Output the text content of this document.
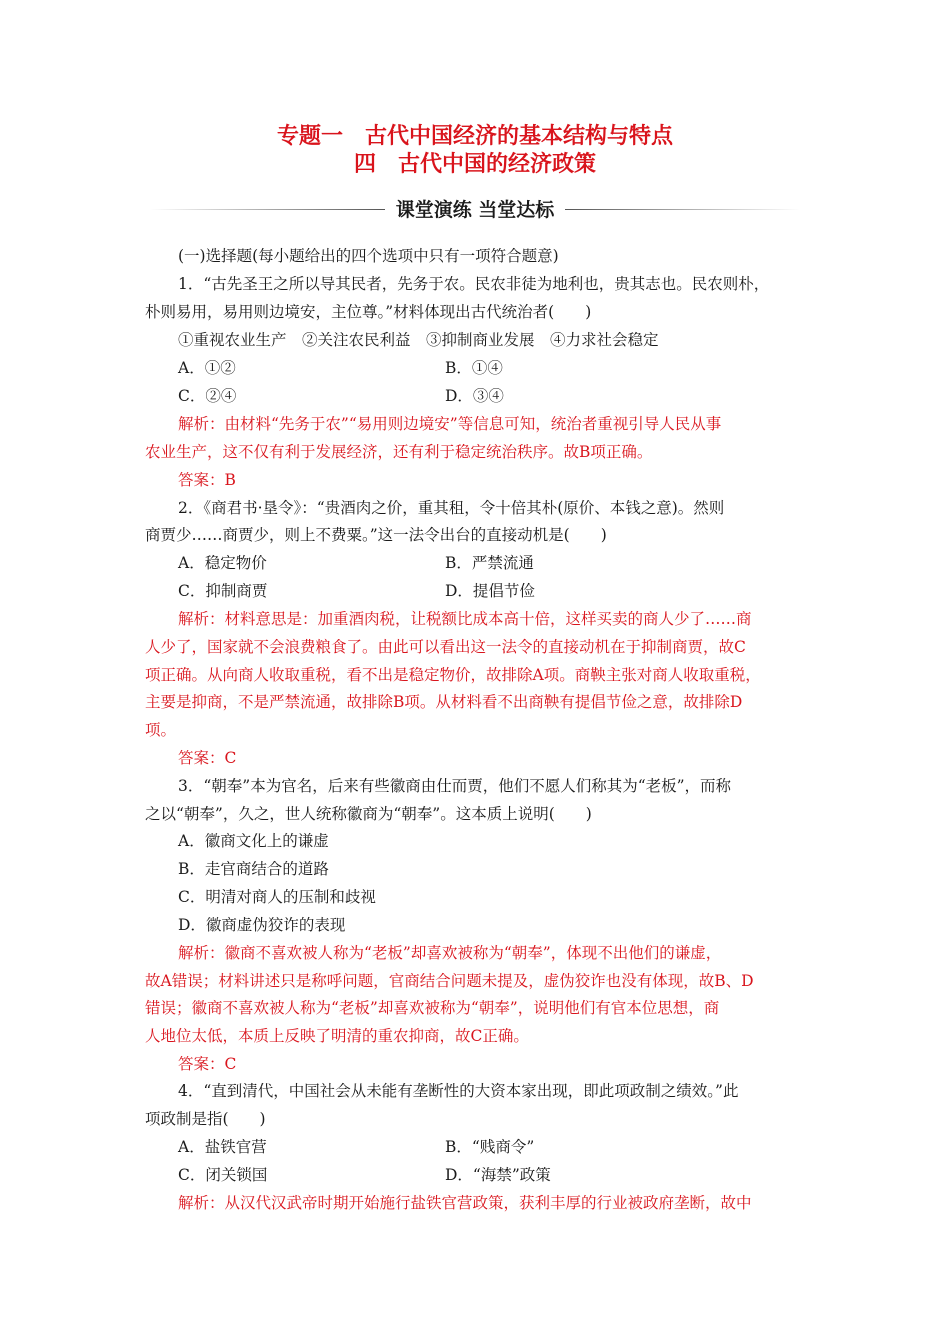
专题一　古代中国经济的基本结构与特点
四　古代中国的经济政策
课堂演练 当堂达标
(一)选择题(每小题给出的四个选项中只有一项符合题意)
1．“古先圣王之所以导其民者，先务于农。民农非徒为地利也，贵其志也。民农则朴，
朴则易用，易用则边境安，主位尊。”材料体现出古代统治者(　　)
①重视农业生产　②关注农民利益　③抑制商业发展　④力求社会稳定
A．①②	B．①④
C．②④	D．③④
解析：由材料“先务于农”“易用则边境安”等信息可知，统治者重视引导人民从事
农业生产，这不仅有利于发展经济，还有利于稳定统治秩序。故B项正确。
答案：B
2．《商君书·垦令》：“贵酒肉之价，重其租，令十倍其朴(原价、本钱之意)。然则
商贾少……商贾少，则上不费粟。”这一法令出台的直接动机是(　　)
A．稳定物价	B．严禁流通
C．抑制商贾	D．提倡节俭
解析：材料意思是：加重酒肉税，让税额比成本高十倍，这样买卖的商人少了……商
人少了，国家就不会浪费粮食了。由此可以看出这一法令的直接动机在于抑制商贾，故C
项正确。从向商人收取重税，看不出是稳定物价，故排除A项。商鞅主张对商人收取重税，
主要是抑商，不是严禁流通，故排除B项。从材料看不出商鞅有提倡节俭之意，故排除D
项。
答案：C
3．“朝奉”本为官名，后来有些徽商由仕而贾，他们不愿人们称其为“老板”，而称
之以“朝奉”，久之，世人统称徽商为“朝奉”。这本质上说明(　　)
A．徽商文化上的谦虚
B．走官商结合的道路
C．明清对商人的压制和歧视
D．徽商虚伪狡诈的表现
解析：徽商不喜欢被人称为“老板”却喜欢被称为“朝奉”，体现不出他们的谦虚，
故A错误；材料讲述只是称呼问题，官商结合问题未提及，虚伪狡诈也没有体现，故B、D
错误；徽商不喜欢被人称为“老板”却喜欢被称为“朝奉”，说明他们有官本位思想，商
人地位太低，本质上反映了明清的重农抑商，故C正确。
答案：C
4．“直到清代，中国社会从未能有垄断性的大资本家出现，即此项政制之绩效。”此
项政制是指(　　)
A．盐铁官营	B．“贱商令”
C．闭关锁国	D．“海禁”政策
解析：从汉代汉武帝时期开始施行盐铁官营政策，获利丰厚的行业被政府垄断，故中
